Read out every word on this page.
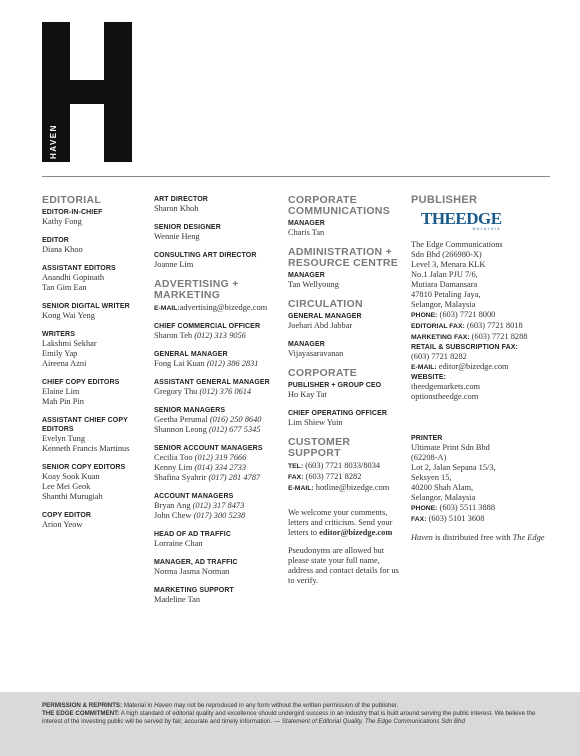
HAVEN
EDITORIAL
EDITOR-IN-CHIEF
Kathy Fong
EDITOR
Diana Khoo
ASSISTANT EDITORS
Anandhi Gopinath
Tan Gim Ean
SENIOR DIGITAL WRITER
Kong Wai Yeng
WRITERS
Lakshmi Sekhar
Emily Yap
Aireena Azni
CHIEF COPY EDITORS
Elaine Lim
Mah Pin Pin
ASSISTANT CHIEF COPY EDITORS
Evelyn Tung
Kenneth Francis Martinus
SENIOR COPY EDITORS
Koay Sook Kuan
Lee Mei Geok
Shanthi Murugiah
COPY EDITOR
Arion Yeow
ART DIRECTOR
Sharon Khoh
SENIOR DESIGNER
Wennie Heng
CONSULTING ART DIRECTOR
Joanne Lim
ADVERTISING + MARKETING
E-MAIL:advertising@bizedge.com
CHIEF COMMERCIAL OFFICER
Sharon Teh (012) 313 9056
GENERAL MANAGER
Fong Lai Kuan (012) 386 2831
ASSISTANT GENERAL MANAGER
Gregory Thu (012) 376 0614
SENIOR MANAGERS
Geetha Perumal (016) 250 8640
Shannon Leong (012) 677 5345
SENIOR ACCOUNT MANAGERS
Cecilia Too (012) 319 7666
Kenny Lim (014) 334 2733
Shafina Syahrir (017) 281 4787
ACCOUNT MANAGERS
Bryan Ang (012) 317 8473
John Chew (017) 300 5238
HEAD OF AD TRAFFIC
Lorraine Chan
MANAGER, AD TRAFFIC
Norma Jasma Norman
MARKETING SUPPORT
Madeline Tan
CORPORATE COMMUNICATIONS
MANAGER
Charis Tan
ADMINISTRATION + RESOURCE CENTRE
MANAGER
Tan Wellyoung
CIRCULATION
GENERAL MANAGER
Joehari Abd Jabbar
MANAGER
Vijayasaravanan
CORPORATE
PUBLISHER + GROUP CEO
Ho Kay Tat
CHIEF OPERATING OFFICER
Lim Shiew Yuin
CUSTOMER SUPPORT
TEL: (603) 7721 8033/8034
FAX: (603) 7721 8282
E-MAIL: hotline@bizedge.com
We welcome your comments, letters and criticism. Send your letters to editor@bizedge.com
Pseudonyms are allowed but please state your full name, address and contact details for us to verify.
PUBLISHER
THEEDGE
MALAYSIA
The Edge Communications
Sdn Bhd (266980-X)
Level 3, Menara KLK
No.1 Jalan PJU 7/6,
Mutiara Damansara
47810 Petaling Jaya,
Selangor, Malaysia
PHONE: (603) 7721 8000
EDITORIAL FAX: (603) 7721 8018
MARKETING FAX: (603) 7721 8288
RETAIL & SUBSCRIPTION FAX:
(603) 7721 8282
E-MAIL: editor@bizedge.com
WEBSITE:
theedgemarkets.com
optionstheedge.com
PRINTER
Ultimate Print Sdn Bhd
(62208-A)
Lot 2, Jalan Sepana 15/3,
Seksyen 15,
40200 Shah Alam,
Selangor, Malaysia
PHONE: (603) 5511 3888
FAX: (603) 5101 3608
Haven is distributed free with The Edge
PERMISSION & REPRINTS: Material in Haven may not be reproduced in any form without the written permission of the publisher.
THE EDGE COMMITMENT: A high standard of editorial quality and excellence should undergird success in an industry that is built around serving the public interest. We believe the interest of the investing public will be served by fair, accurate and timely information. — Statement of Editorial Quality, The Edge Communications Sdn Bhd
